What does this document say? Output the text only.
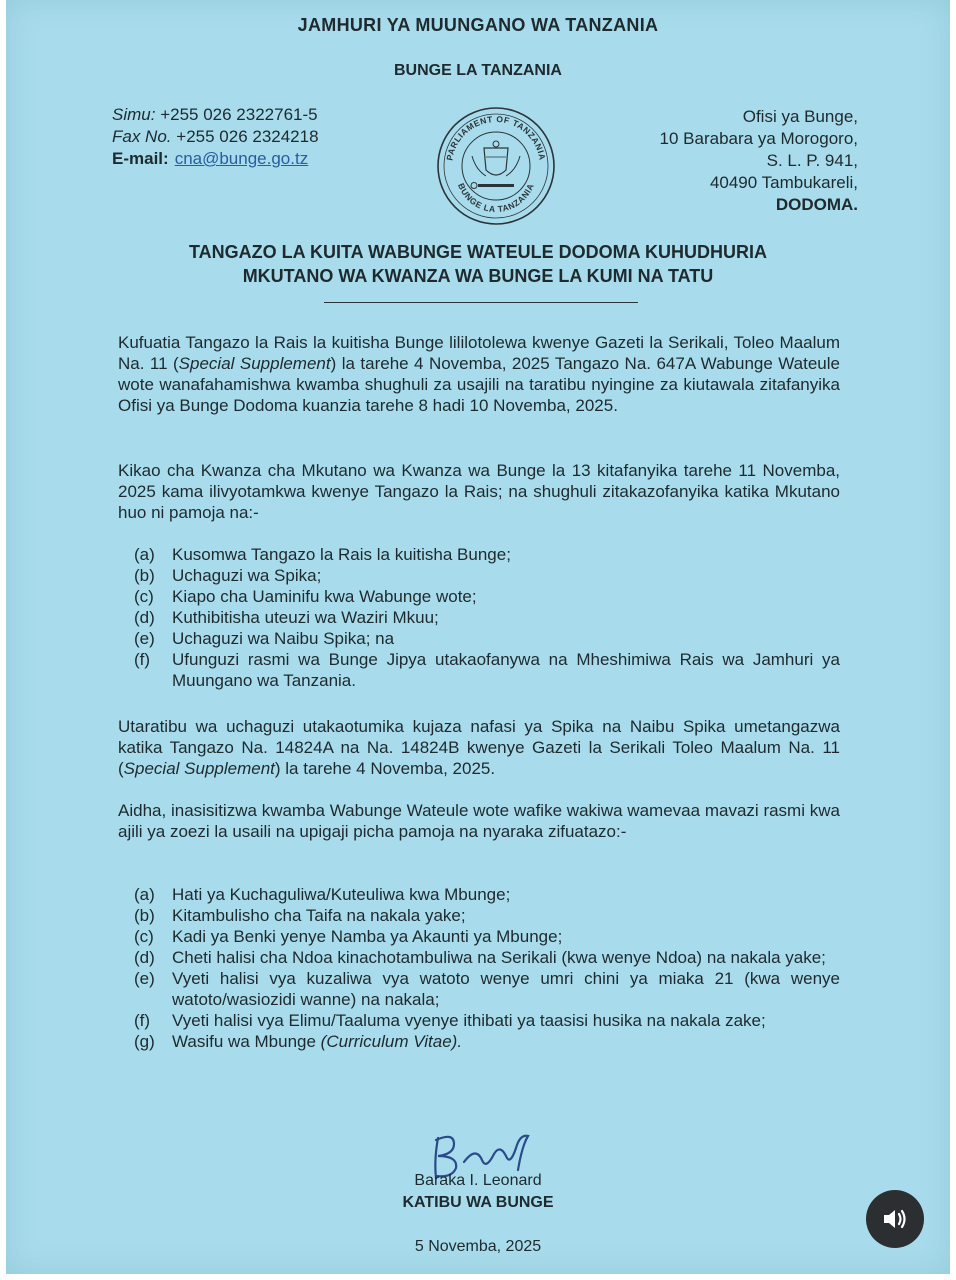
JAMHURI YA MUUNGANO WA TANZANIA
BUNGE LA TANZANIA
Simu: +255 026 2322761-5
Fax No. +255 026 2324218
E-mail: cna@bunge.go.tz	PARLIAMENT OF TANZANIA
BUNGE LA TANZANIA
Ofisi ya Bunge,
10 Barabara ya Morogoro,
S. L. P. 941,
40490 Tambukareli,
DODOMA.
TANGAZO LA KUITA WABUNGE WATEULE DODOMA KUHUDHURIA
MKUTANO WA KWANZA WA BUNGE LA KUMI NA TATU
Kufuatia Tangazo la Rais la kuitisha Bunge lililotolewa kwenye Gazeti la Serikali, Toleo Maalum Na. 11 (Special Supplement) la tarehe 4 Novemba, 2025 Tangazo Na. 647A Wabunge Wateule wote wanafahamishwa kwamba shughuli za usajili na taratibu nyingine za kiutawala zitafanyika Ofisi ya Bunge Dodoma kuanzia tarehe 8 hadi 10 Novemba, 2025.
Kikao cha Kwanza cha Mkutano wa Kwanza wa Bunge la 13 kitafanyika tarehe 11 Novemba, 2025 kama ilivyotamkwa kwenye Tangazo la Rais; na shughuli zitakazofanyika katika Mkutano huo ni pamoja na:-
(a)	Kusomwa Tangazo la Rais la kuitisha Bunge;
(b)	Uchaguzi wa Spika;
(c)	Kiapo cha Uaminifu kwa Wabunge wote;
(d)	Kuthibitisha uteuzi wa Waziri Mkuu;
(e)	Uchaguzi wa Naibu Spika; na
(f)	Ufunguzi rasmi wa Bunge Jipya utakaofanywa na Mheshimiwa Rais wa Jamhuri ya Muungano wa Tanzania.
Utaratibu wa uchaguzi utakaotumika kujaza nafasi ya Spika na Naibu Spika umetangazwa katika Tangazo Na. 14824A na Na. 14824B kwenye Gazeti la Serikali Toleo Maalum Na. 11 (Special Supplement) la tarehe 4 Novemba, 2025.
Aidha, inasisitizwa kwamba Wabunge Wateule wote wafike wakiwa wamevaa mavazi rasmi kwa ajili ya zoezi la usaili na upigaji picha pamoja na nyaraka zifuatazo:-
(a)	Hati ya Kuchaguliwa/Kuteuliwa kwa Mbunge;
(b)	Kitambulisho cha Taifa na nakala yake;
(c)	Kadi ya Benki yenye Namba ya Akaunti ya Mbunge;
(d)	Cheti halisi cha Ndoa kinachotambuliwa na Serikali (kwa wenye Ndoa) na nakala yake;
(e)	Vyeti halisi vya kuzaliwa vya watoto wenye umri chini ya miaka 21 (kwa wenye watoto/wasiozidi wanne) na nakala;
(f)	Vyeti halisi vya Elimu/Taaluma vyenye ithibati ya taasisi husika na nakala zake;
(g)	Wasifu wa Mbunge (Curriculum Vitae).
Baraka I. Leonard
KATIBU WA BUNGE
5 Novemba, 2025
